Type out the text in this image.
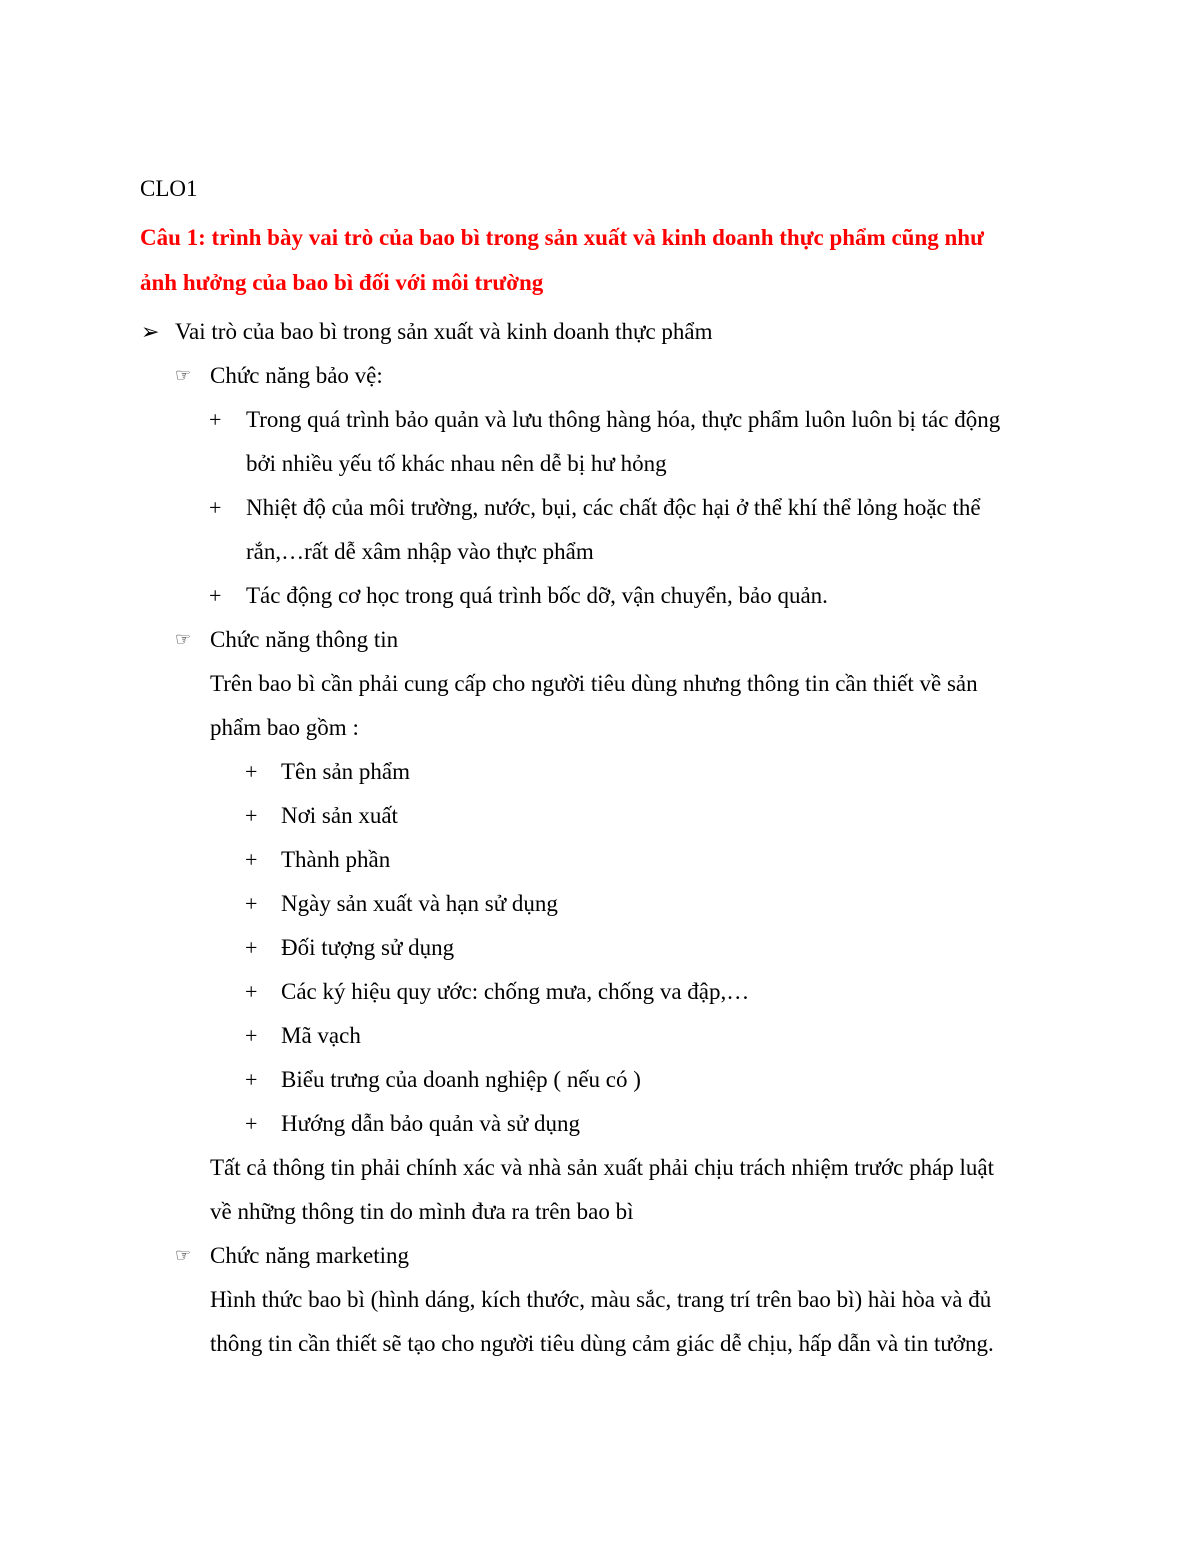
CLO1
Câu 1: trình bày vai trò của bao bì trong sản xuất và kinh doanh thực phẩm cũng như
ảnh hưởng của bao bì đối với môi trường
➢ Vai trò của bao bì trong sản xuất và kinh doanh thực phẩm
☞ Chức năng bảo vệ:
+ Trong quá trình bảo quản và lưu thông hàng hóa, thực phẩm luôn luôn bị tác động
bởi nhiều yếu tố khác nhau nên dễ bị hư hỏng
+ Nhiệt độ của môi trường, nước, bụi, các chất độc hại ở thể khí thể lỏng hoặc thể
rắn,…rất dễ xâm nhập vào thực phẩm
+ Tác động cơ học trong quá trình bốc dỡ, vận chuyển, bảo quản.
☞ Chức năng thông tin
Trên bao bì cần phải cung cấp cho người tiêu dùng nhưng thông tin cần thiết về sản
phẩm bao gồm :
+ Tên sản phẩm
+ Nơi sản xuất
+ Thành phần
+ Ngày sản xuất và hạn sử dụng
+ Đối tượng sử dụng
+ Các ký hiệu quy ước: chống mưa, chống va đập,…
+ Mã vạch
+ Biểu trưng của doanh nghiệp ( nếu có )
+ Hướng dẫn bảo quản và sử dụng
Tất cả thông tin phải chính xác và nhà sản xuất phải chịu trách nhiệm trước pháp luật
về những thông tin do mình đưa ra trên bao bì
☞ Chức năng marketing
Hình thức bao bì (hình dáng, kích thước, màu sắc, trang trí trên bao bì) hài hòa và đủ
thông tin cần thiết sẽ tạo cho người tiêu dùng cảm giác dễ chịu, hấp dẫn và tin tưởng.
